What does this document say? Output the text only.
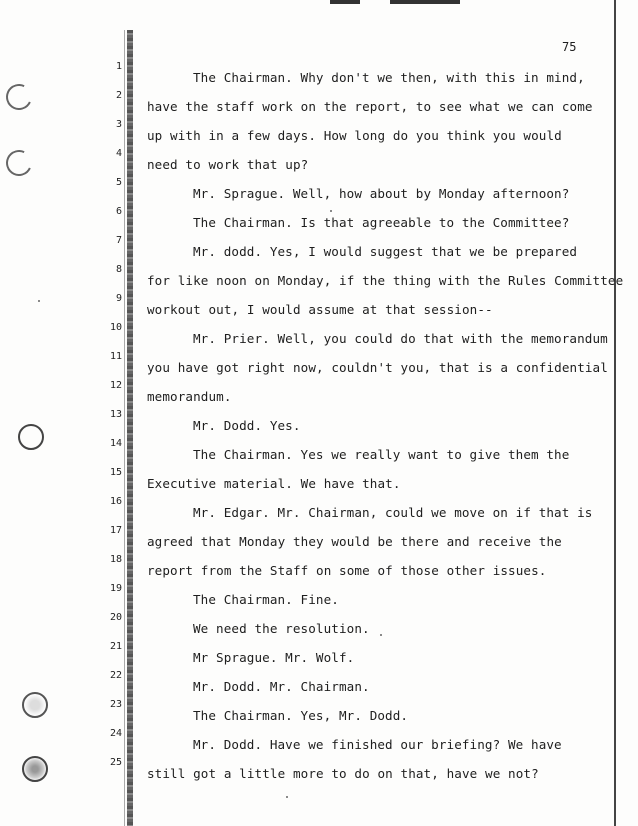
75
1
2
3
4
5
6
7
8
9
10
11
12
13
14
15
16
17
18
19
20
21
22
23
24
25
The Chairman. Why don't we then, with this in mind,
have the staff work on the report, to see what we can come
up with in a few days. How long do you think you would
need to work that up?
Mr. Sprague. Well, how about by Monday afternoon?
The Chairman. Is that agreeable to the Committee?
Mr. dodd. Yes, I would suggest that we be prepared
for like noon on Monday, if the thing with the Rules Committee
workout out, I would assume at that session--
Mr. Prier. Well, you could do that with the memorandum
you have got right now, couldn't you, that is a confidential
memorandum.
Mr. Dodd. Yes.
The Chairman. Yes we really want to give them the
Executive material. We have that.
Mr. Edgar. Mr. Chairman, could we move on if that is
agreed that Monday they would be there and receive the
report from the Staff on some of those other issues.
The Chairman. Fine.
We need the resolution.
Mr Sprague. Mr. Wolf.
Mr. Dodd. Mr. Chairman.
The Chairman. Yes, Mr. Dodd.
Mr. Dodd. Have we finished our briefing? We have
still got a little more to do on that, have we not?
